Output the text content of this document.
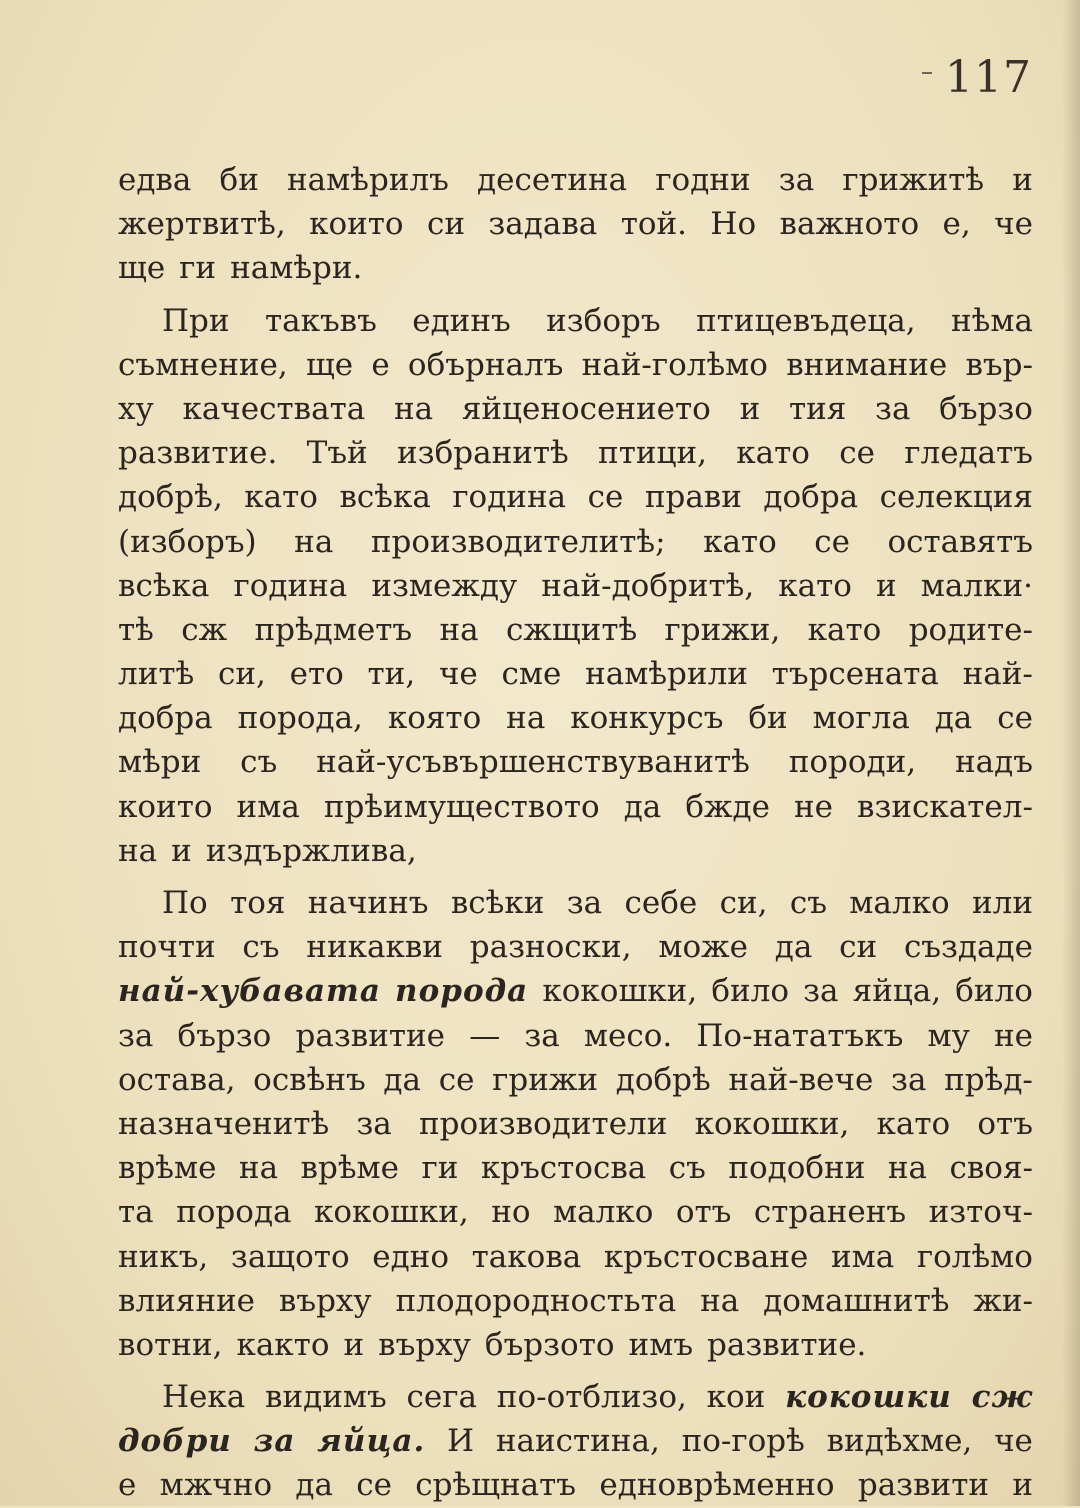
117
едва би намѣрилъ десетина годни за грижитѣ и
жертвитѣ, които си задава той. Но важното е, че
ще ги намѣри.
При такъвъ единъ изборъ птицевъдеца, нѣма
съмнение, ще е обърналъ най-голѣмо внимание вър-
ху качествата на яйценосението и тия за бързо
развитие. Тъй избранитѣ птици, като се гледатъ
добрѣ, като всѣка година се прави добра селекция
(изборъ) на производителитѣ; като се оставятъ
всѣка година измежду най-добритѣ, като и малки·
тѣ сж прѣдметъ на сжщитѣ грижи, като родите-
литѣ си, ето ти, че сме намѣрили търсената най-
добра порода, която на конкурсъ би могла да се
мѣри съ най-усъвършенствуванитѣ породи, надъ
които има прѣимуществото да бжде не взискател-
на и издържлива,
По тоя начинъ всѣки за себе си, съ малко или
почти съ никакви разноски, може да си създаде
най-хубавата порода кокошки, било за яйца, било
за бързо развитие — за месо. По-нататъкъ му не
остава, освѣнъ да се грижи добрѣ най-вече за прѣд-
назначенитѣ за производители кокошки, като отъ
врѣме на врѣме ги кръстосва съ подобни на своя-
та порода кокошки, но малко отъ страненъ източ-
никъ, защото едно такова кръстосване има голѣмо
влияние върху плодородностьта на домашнитѣ жи-
вотни, както и върху бързото имъ развитие.
Нека видимъ сега по-отблизо, кои кокошки сж
добри за яйца. И наистина, по-горѣ видѣхме, че
е мжчно да се срѣщнатъ едноврѣменно развити и
